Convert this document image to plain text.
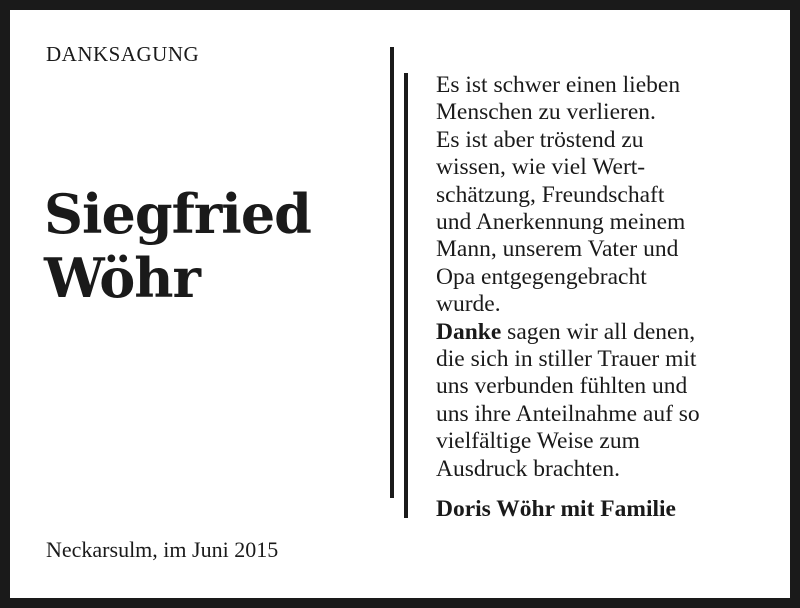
DANKSAGUNG
Siegfried
Wöhr
Neckarsulm, im Juni 2015
Es ist schwer einen lieben
Menschen zu verlieren.
Es ist aber tröstend zu
wissen, wie viel Wert-
schätzung, Freundschaft
und Anerkennung meinem
Mann, unserem Vater und
Opa entgegengebracht
wurde.
Danke sagen wir all denen,
die sich in stiller Trauer mit
uns verbunden fühlten und
uns ihre Anteilnahme auf so
vielfältige Weise zum
Ausdruck brachten.
Doris Wöhr mit Familie
